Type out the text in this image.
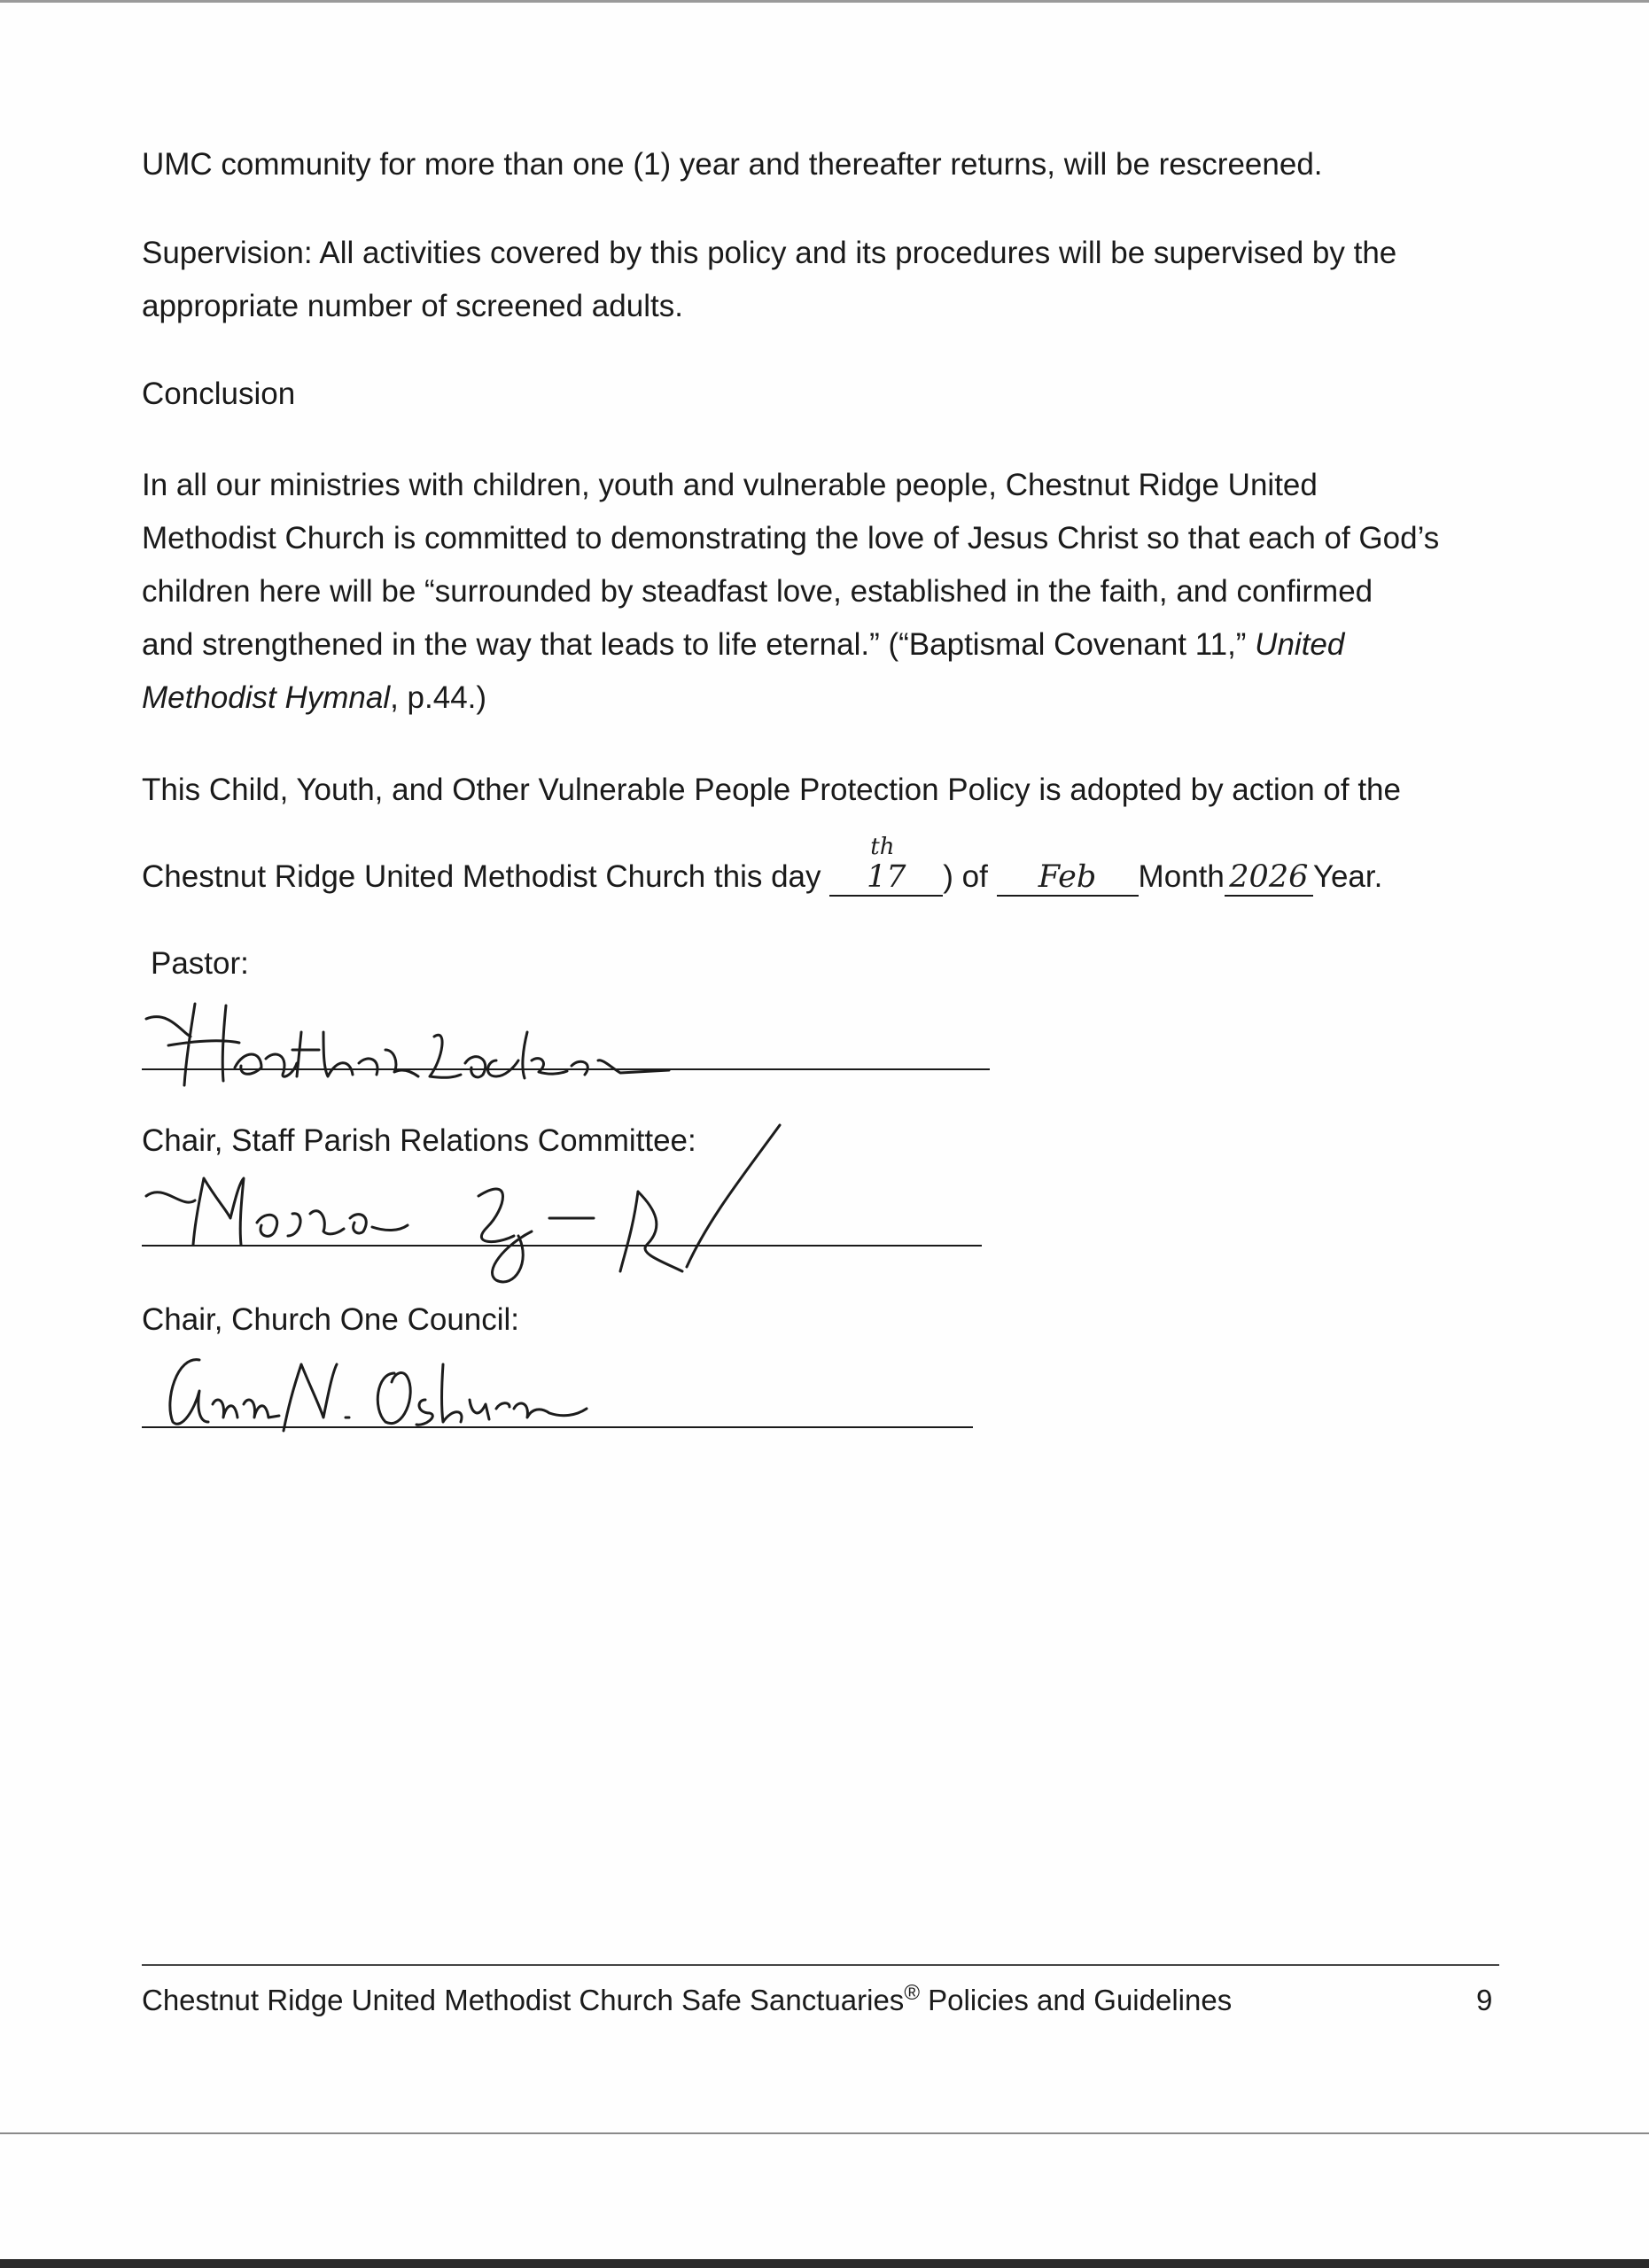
UMC community for more than one (1) year and thereafter returns, will be rescreened.

Supervision: All activities covered by this policy and its procedures will be supervised by the
appropriate number of screened adults.

Conclusion

In all our ministries with children, youth and vulnerable people, Chestnut Ridge United
Methodist Church is committed to demonstrating the love of Jesus Christ so that each of God’s
children here will be “surrounded by steadfast love, established in the faith, and confirmed
and strengthened in the way that leads to life eternal.” (“Baptismal Covenant 11,” United
Methodist Hymnal, p.44.)

This Child, Youth, and Other Vulnerable People Protection Policy is adopted by action of the

Chestnut Ridge United Methodist Church this day 17
th
) of Feb Month 2026 Year.

Pastor:

Chair, Staff Parish Relations Committee:

Chair, Church One Council:

Chestnut Ridge United Methodist Church Safe Sanctuaries® Policies and Guidelines	9
